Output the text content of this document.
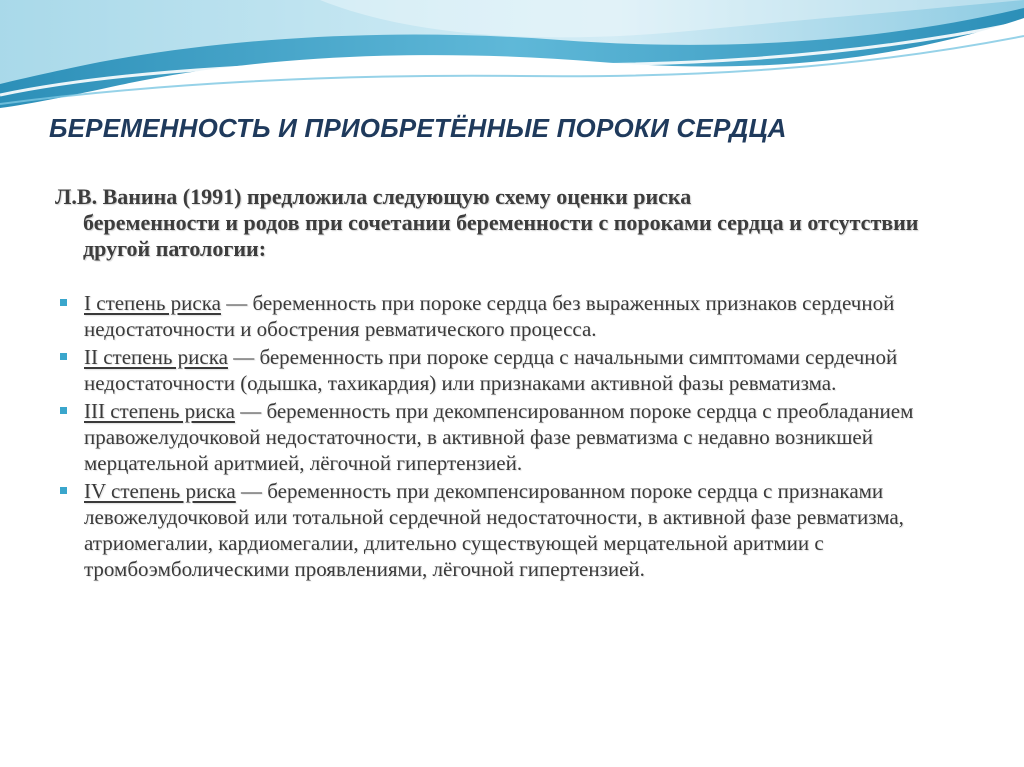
БЕРЕМЕННОСТЬ И ПРИОБРЕТЁННЫЕ ПОРОКИ СЕРДЦА

Л.В. Ванина (1991) предложила следующую схему оценки риска
беременности и родов при сочетании беременности с пороками сердца и отсутствии другой патологии:

I степень риска — беременность при пороке сердца без выраженных признаков сердечной недостаточности и обострения ревматического процесса.
II степень риска — беременность при пороке сердца с начальными симптомами сердечной недостаточности (одышка, тахикардия) или признаками активной фазы ревматизма.
III степень риска — беременность при декомпенсированном пороке сердца с преобладанием правожелудочковой недостаточности, в активной фазе ревматизма с недавно возникшей мерцательной аритмией, лёгочной гипертензией.
IV степень риска — беременность при декомпенсированном пороке сердца с признаками левожелудочковой или тотальной сердечной недостаточности, в активной фазе ревматизма, атриомегалии, кардиомегалии, длительно существующей мерцательной аритмии с тромбоэмболическими проявлениями, лёгочной гипертензией.
